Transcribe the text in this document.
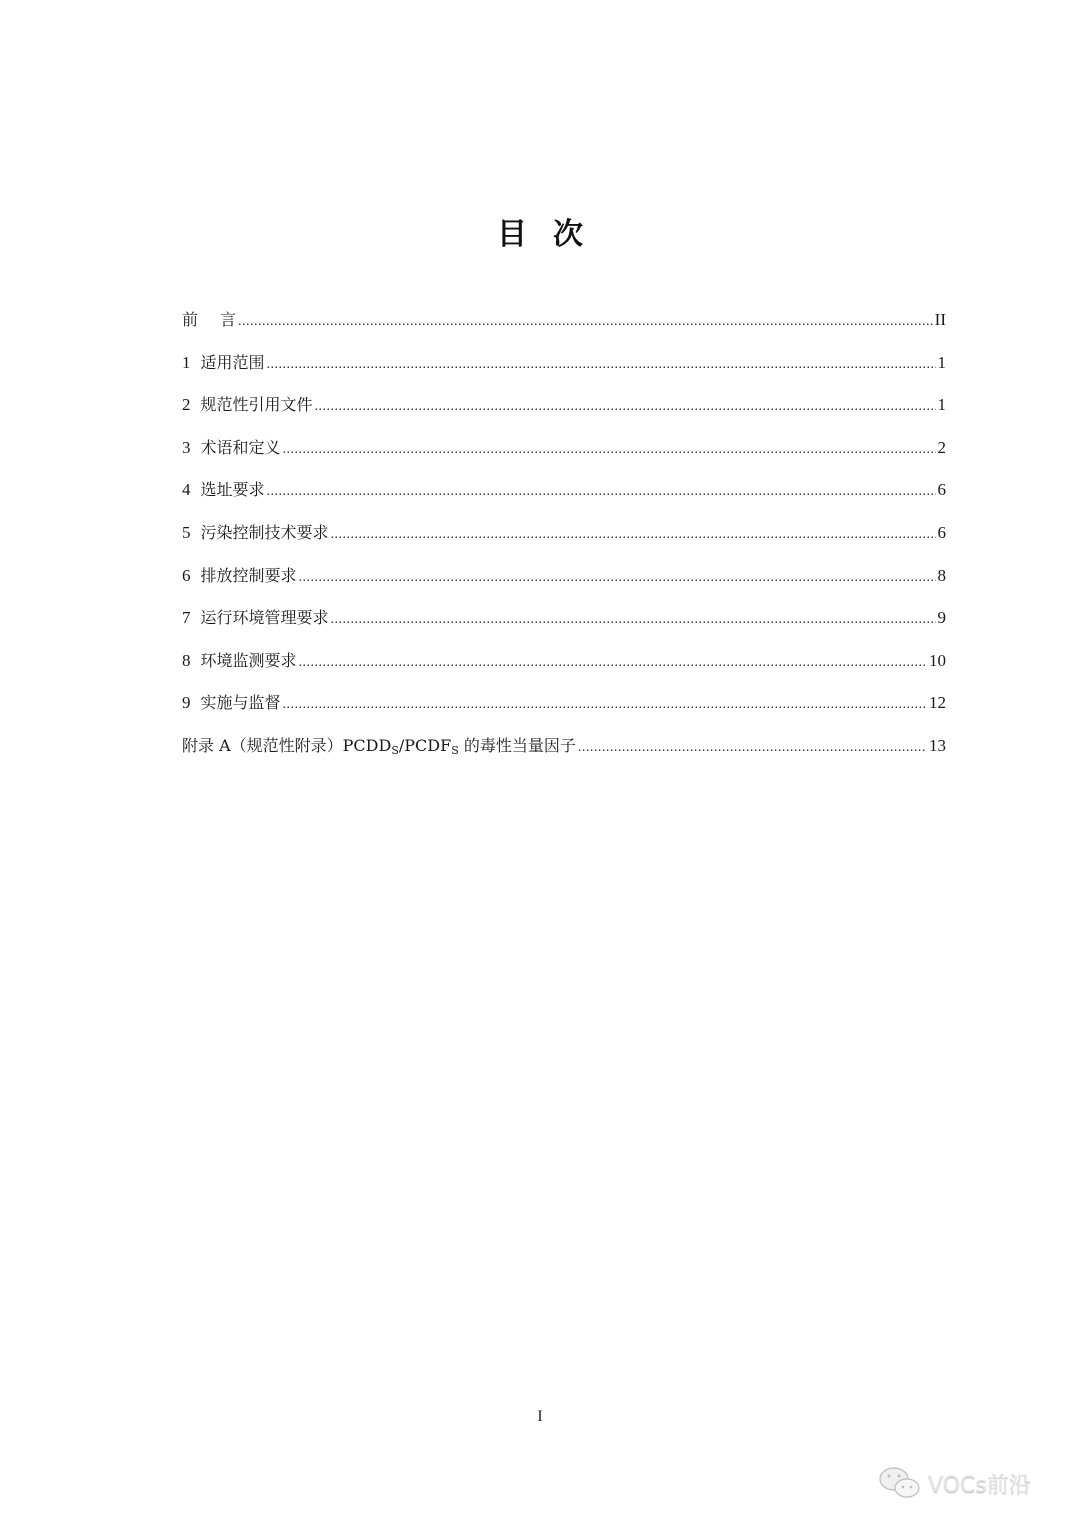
目次
前言 .....	II
1 适用范围 .....	1
2 规范性引用文件 .....	1
3 术语和定义 .....	2
4 选址要求 .....	6
5 污染控制技术要求 .....	6
6 排放控制要求 .....	8
7 运行环境管理要求 .....	9
8 环境监测要求 .....	10
9 实施与监督 .....	12
附录 A（规范性附录）$PCDD_S/PCDF_S$ 的毒性当量因子 .....	13
I
VOCs前沿
